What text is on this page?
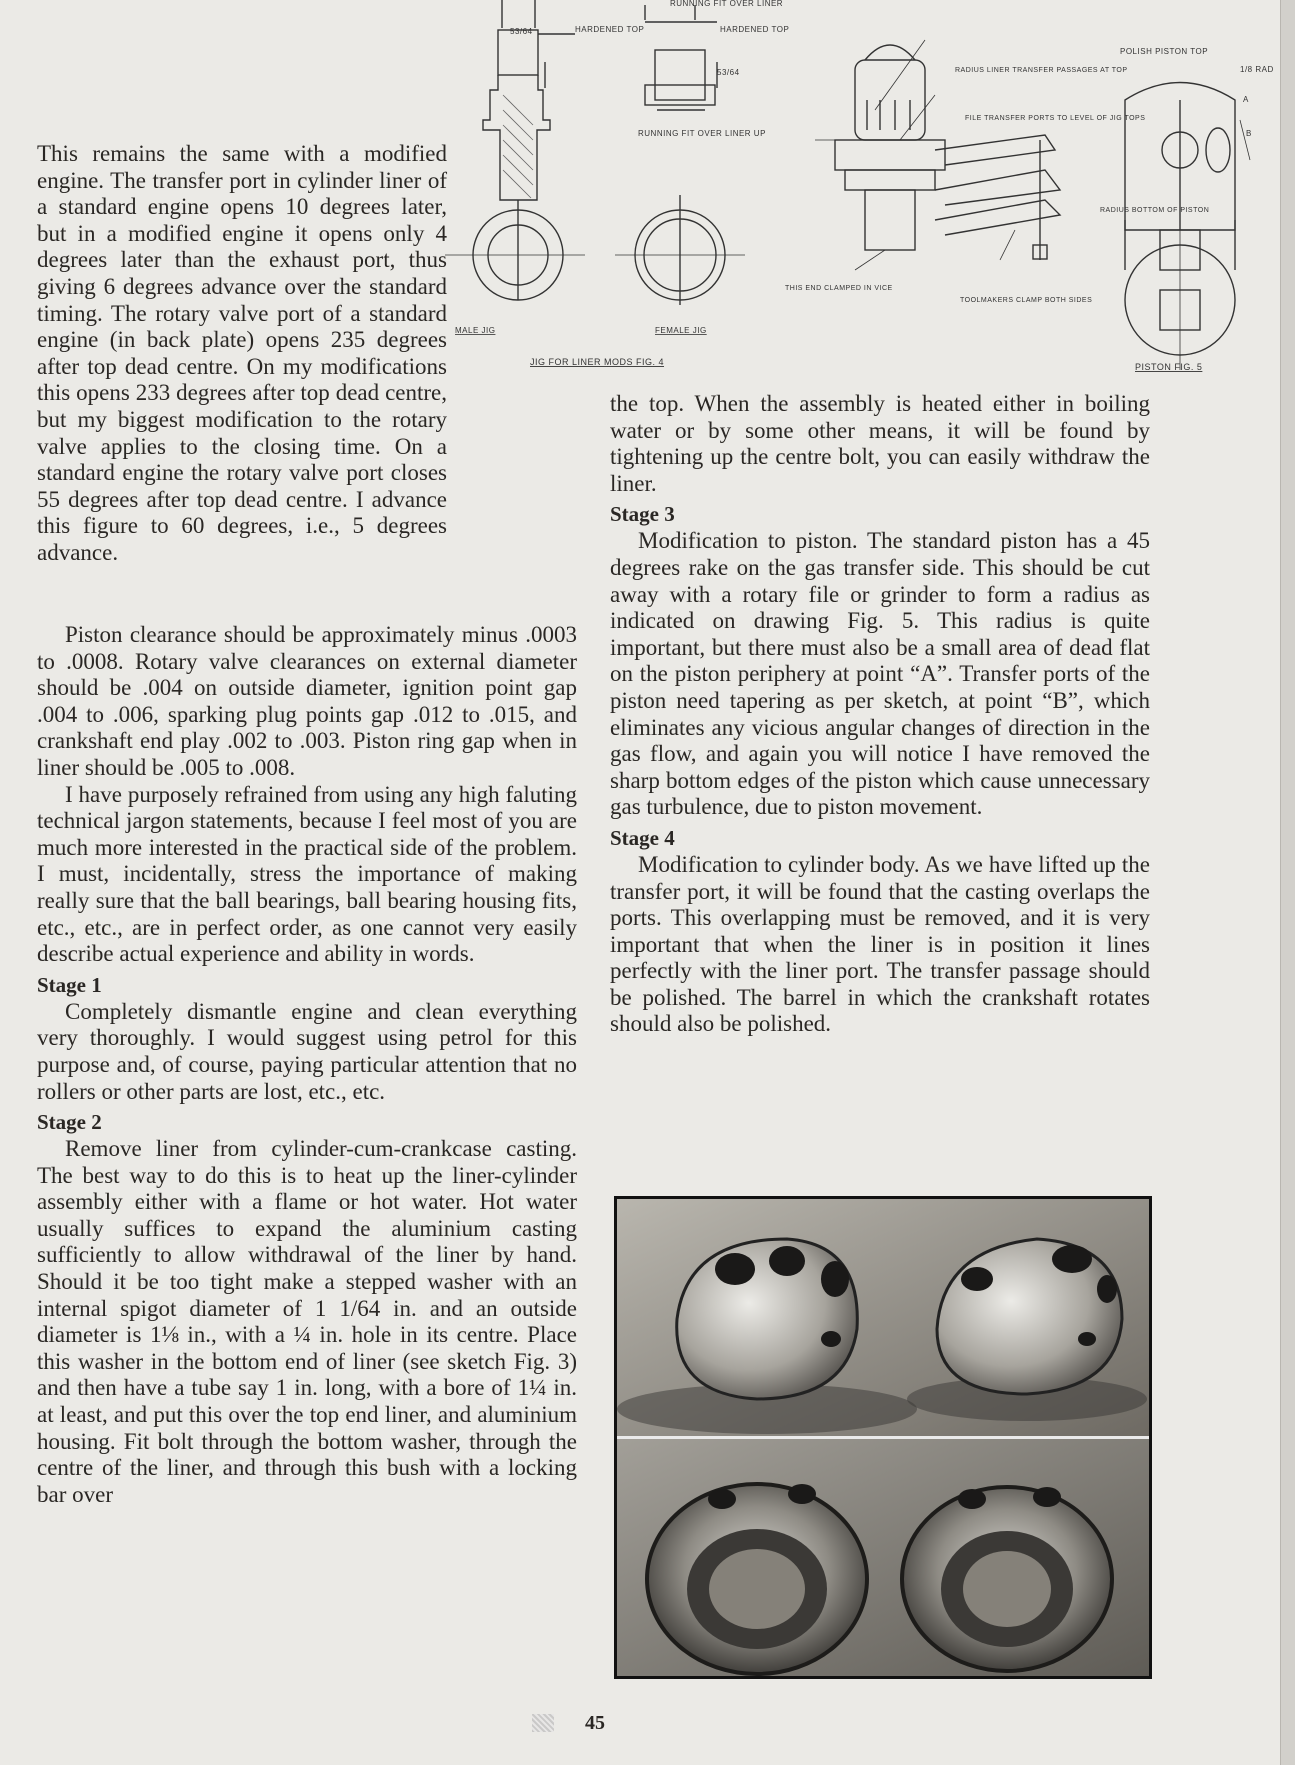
53/64	HARDENED TOP	HARDENED TOP
RUNNING FIT OVER LINER
RUNNING FIT OVER LINER UP
53/64
MALE JIG	FEMALE JIG
JIG FOR LINER MODS FIG. 4
RADIUS LINER TRANSFER PASSAGES AT TOP
FILE TRANSFER PORTS TO LEVEL OF JIG TOPS
THIS END CLAMPED IN VICE
TOOLMAKERS CLAMP BOTH SIDES
POLISH PISTON TOP
1/8 RAD
RADIUS BOTTOM OF PISTON
A
B
PISTON FIG. 5

This remains the same with a modified engine. The transfer port in cylinder liner of a standard engine opens 10 degrees later, but in a modified engine it opens only 4 degrees later than the exhaust port, thus giving 6 degrees advance over the standard timing. The rotary valve port of a standard engine (in back plate) opens 235 degrees after top dead centre. On my modifications this opens 233 degrees after top dead centre, but my biggest modification to the rotary valve applies to the closing time. On a standard engine the rotary valve port closes 55 degrees after top dead centre. I advance this figure to 60 degrees, i.e., 5 degrees advance.

Piston clearance should be approximately minus .0003 to .0008. Rotary valve clearances on external diameter should be .004 on outside diameter, ignition point gap .004 to .006, sparking plug points gap .012 to .015, and crankshaft end play .002 to .003. Piston ring gap when in liner should be .005 to .008.

I have purposely refrained from using any high faluting technical jargon statements, because I feel most of you are much more interested in the practical side of the problem. I must, incidentally, stress the importance of making really sure that the ball bearings, ball bearing housing fits, etc., etc., are in perfect order, as one cannot very easily describe actual experience and ability in words.

Stage 1

Completely dismantle engine and clean everything very thoroughly. I would suggest using petrol for this purpose and, of course, paying particular attention that no rollers or other parts are lost, etc., etc.

Stage 2

Remove liner from cylinder-cum-crankcase casting. The best way to do this is to heat up the liner-cylinder assembly either with a flame or hot water. Hot water usually suffices to expand the aluminium casting sufficiently to allow withdrawal of the liner by hand. Should it be too tight make a stepped washer with an internal spigot diameter of 1 1/64 in. and an outside diameter is 1⅛ in., with a ¼ in. hole in its centre. Place this washer in the bottom end of liner (see sketch Fig. 3) and then have a tube say 1 in. long, with a bore of 1¼ in. at least, and put this over the top end liner, and aluminium housing. Fit bolt through the bottom washer, through the centre of the liner, and through this bush with a locking bar over

the top. When the assembly is heated either in boiling water or by some other means, it will be found by tightening up the centre bolt, you can easily withdraw the liner.

Stage 3

Modification to piston. The standard piston has a 45 degrees rake on the gas transfer side. This should be cut away with a rotary file or grinder to form a radius as indicated on drawing Fig. 5. This radius is quite important, but there must also be a small area of dead flat on the piston periphery at point “A”. Transfer ports of the piston need tapering as per sketch, at point “B”, which eliminates any vicious angular changes of direction in the gas flow, and again you will notice I have removed the sharp bottom edges of the piston which cause unnecessary gas turbulence, due to piston movement.

Stage 4

Modification to cylinder body. As we have lifted up the transfer port, it will be found that the casting overlaps the ports. This overlapping must be removed, and it is very important that when the liner is in position it lines perfectly with the liner port. The transfer passage should be polished. The barrel in which the crankshaft rotates should also be polished.

45
